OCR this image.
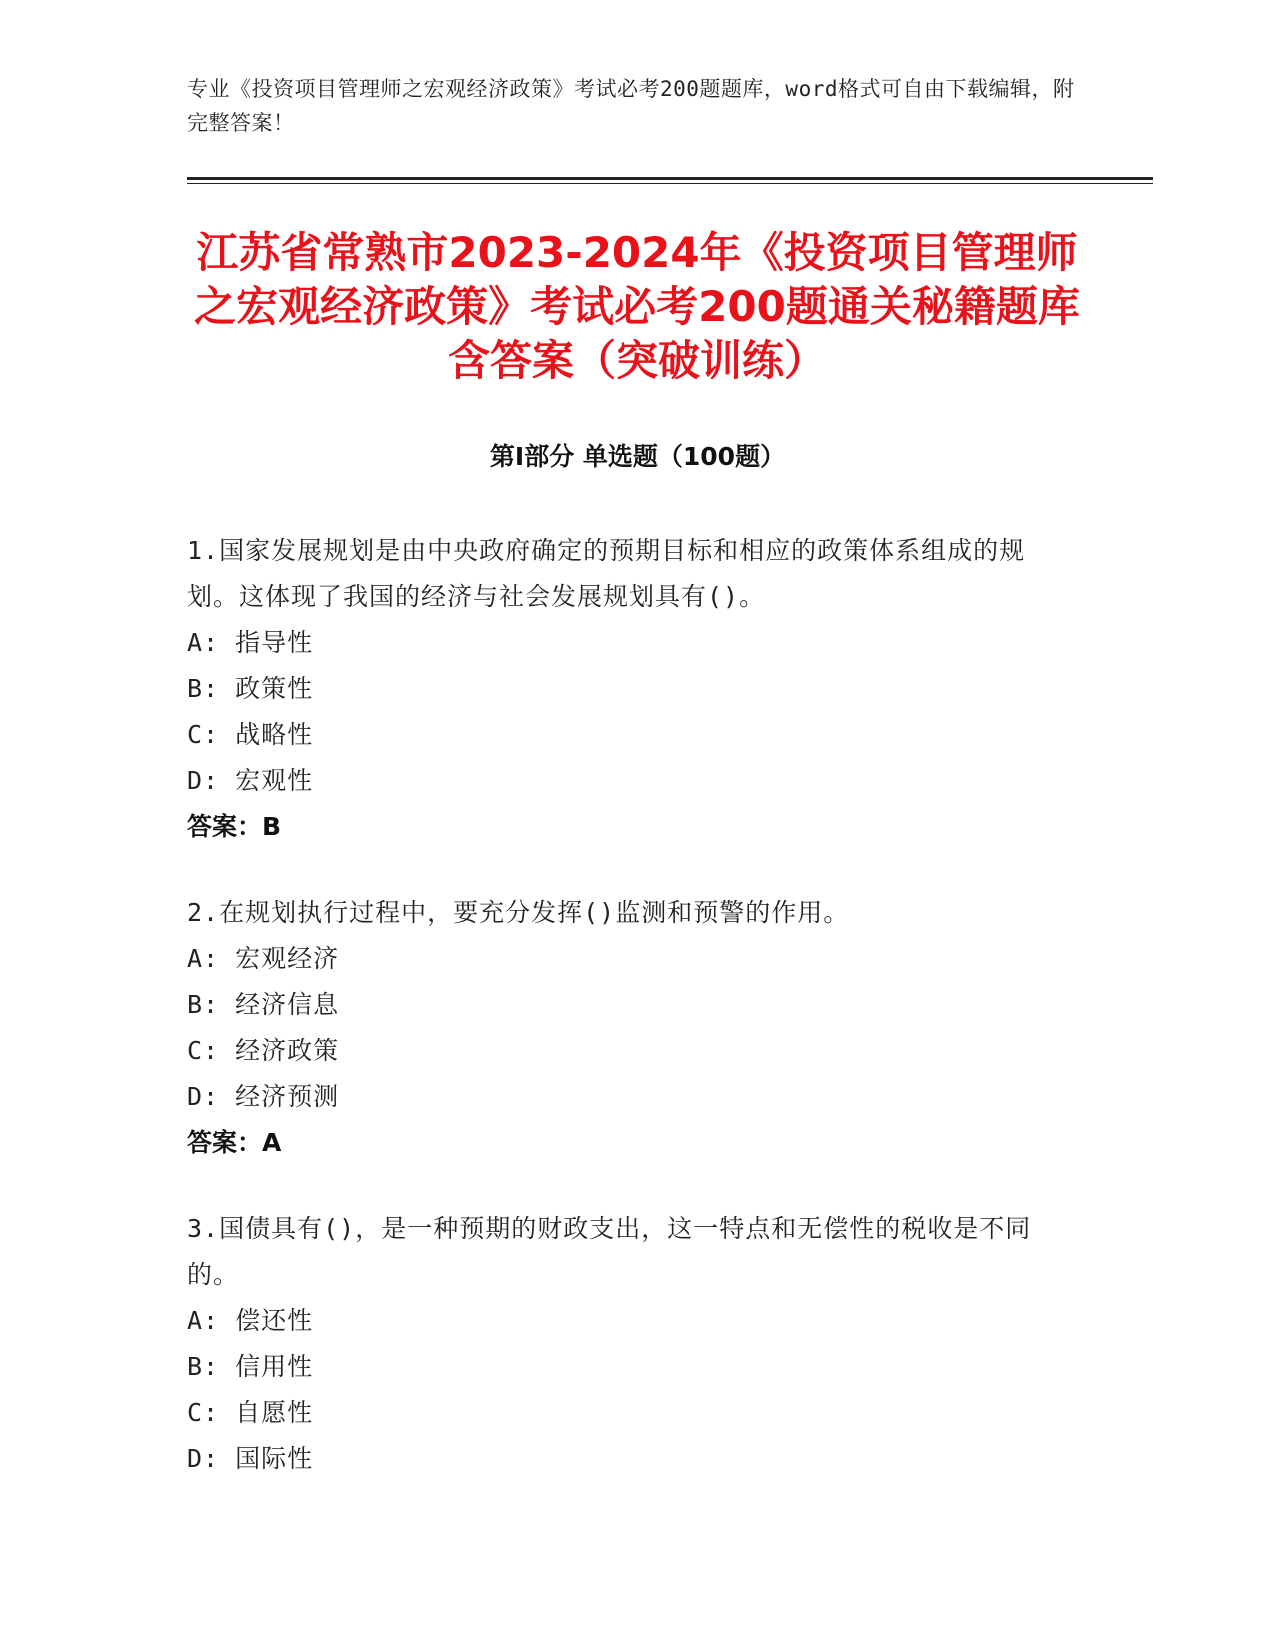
专业《投资项目管理师之宏观经济政策》考试必考200题题库，word格式可自由下载编辑，附完整答案！
江苏省常熟市2023-2024年《投资项目管理师之宏观经济政策》考试必考200题通关秘籍题库含答案（突破训练）
第Ⅰ部分 单选题（100题）
1.国家发展规划是由中央政府确定的预期目标和相应的政策体系组成的规划。这体现了我国的经济与社会发展规划具有()。
A: 指导性
B: 政策性
C: 战略性
D: 宏观性
答案：B
2.在规划执行过程中，要充分发挥()监测和预警的作用。
A: 宏观经济
B: 经济信息
C: 经济政策
D: 经济预测
答案：A
3.国债具有()，是一种预期的财政支出，这一特点和无偿性的税收是不同的。
A: 偿还性
B: 信用性
C: 自愿性
D: 国际性
